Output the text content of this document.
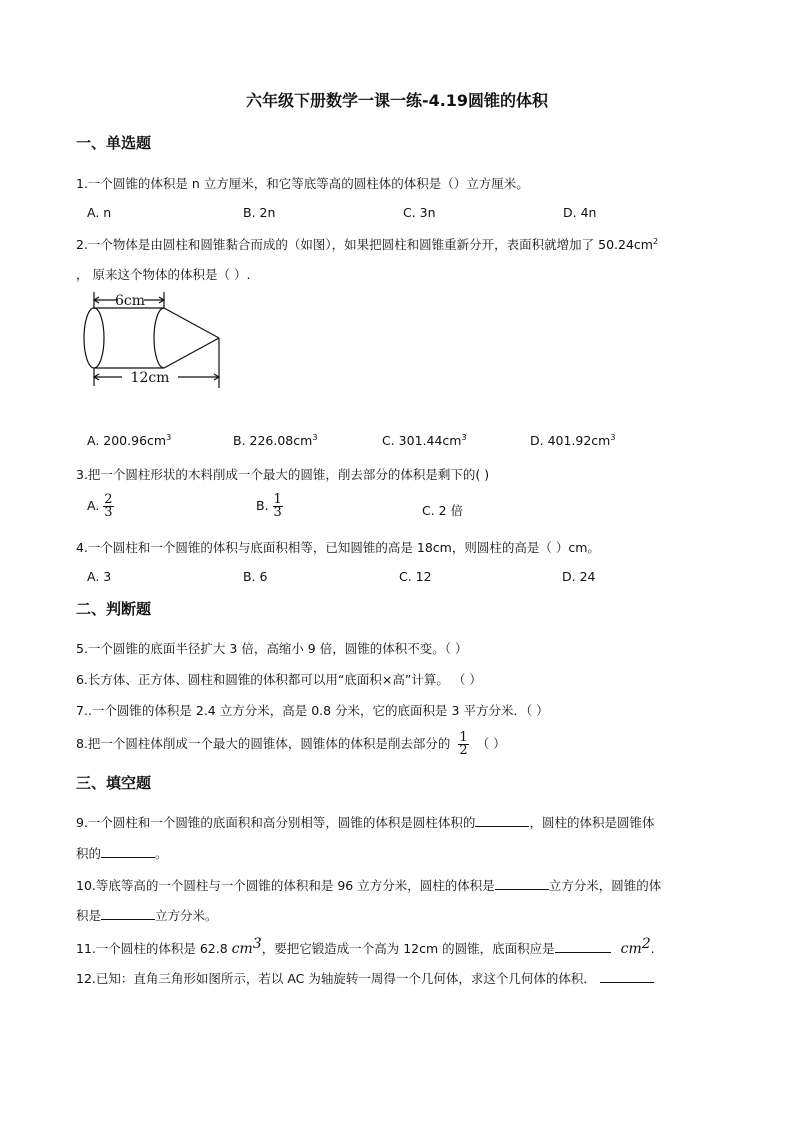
六年级下册数学一课一练-4.19圆锥的体积
一、单选题
1.一个圆锥的体积是 n 立方厘米，和它等底等高的圆柱体的体积是（）立方厘米。
A. n	B. 2n	C. 3n	D. 4n
2.一个物体是由圆柱和圆锥黏合而成的（如图），如果把圆柱和圆锥重新分开，表面积就增加了 $50.24cm^2$
， 原来这个物体的体积是（ ）.
6cm
12cm
A. $200.96cm^3$	B. $226.08cm^3$	C. $301.44cm^3$	D. $401.92cm^3$
3.把一个圆柱形状的木料削成一个最大的圆锥，削去部分的体积是剩下的( )
A. $\frac{2}{3}$	B. $\frac{1}{3}$	C. 2 倍
4.一个圆柱和一个圆锥的体积与底面积相等，已知圆锥的高是 18cm，则圆柱的高是（ ）cm。
A. 3	B. 6	C. 12	D. 24
二、判断题
5.一个圆锥的底面半径扩大 3 倍，高缩小 9 倍，圆锥的体积不变。（ ）
6.长方体、正方体、圆柱和圆锥的体积都可以用“底面积×高”计算。 （ ）
7..一个圆锥的体积是 2.4 立方分米，高是 0.8 分米，它的底面积是 3 平方分米．（ ）
8.把一个圆柱体削成一个最大的圆锥体，圆锥体的体积是削去部分的 $\frac{1}{2}$ （ ）
三、填空题
9.一个圆柱和一个圆锥的底面积和高分别相等，圆锥的体积是圆柱体积的	，圆柱的体积是圆锥体
积的	。
10.等底等高的一个圆柱与一个圆锥的体积和是 96 立方分米，圆柱的体积是	立方分米，圆锥的体
积是	立方分米。
11.一个圆柱的体积是 62.8 $cm^3$，要把它锻造成一个高为 12cm 的圆锥，底面积应是	$cm^2$.
12.已知：直角三角形如图所示，若以 AC 为轴旋转一周得一个几何体，求这个几何体的体积．
